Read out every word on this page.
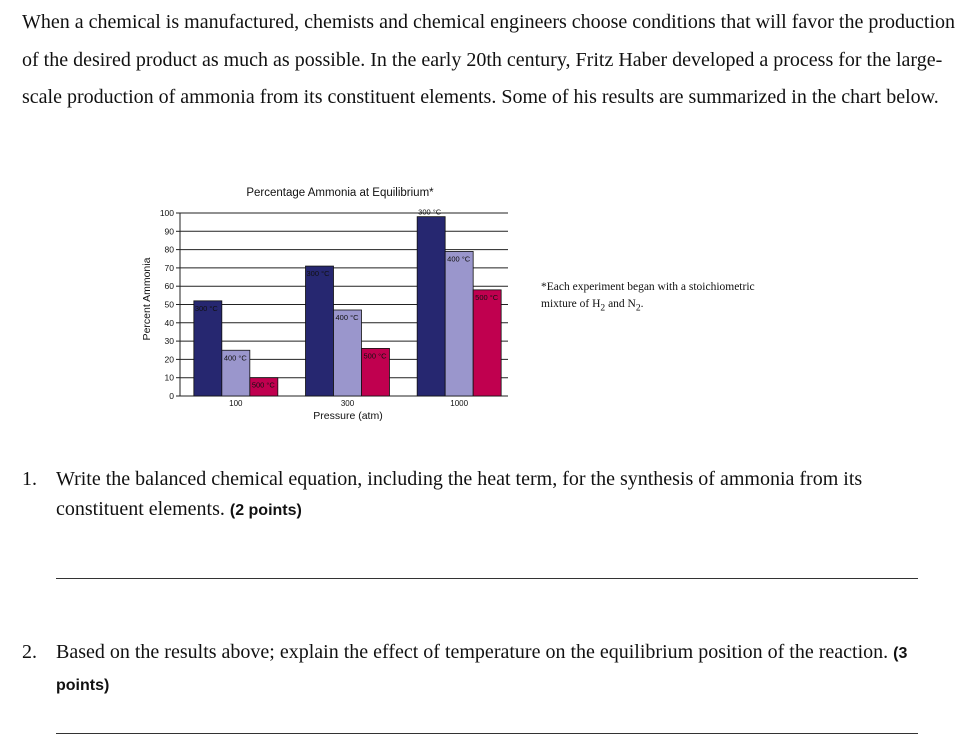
When a chemical is manufactured, chemists and chemical engineers choose conditions that will favor the production of the desired product as much as possible. In the early 20th century, Fritz Haber developed a process for the large-scale production of ammonia from its constituent elements. Some of his results are summarized in the chart below.

Percentage Ammonia at Equilibrium*
Percent Ammonia
Pressure (atm)
0
10
20
30
40
50
60
70
80
90
100
300 °C
400 °C
500 °C
300 °C
400 °C
500 °C
300 °C
400 °C
500 °C
100	300	1000
*Each experiment began with a stoichiometric
mixture of $H_2$ and $N_2$.
1. Write the balanced chemical equation, including the heat term, for the synthesis of ammonia from its constituent elements. (2 points)
2. Based on the results above; explain the effect of temperature on the equilibrium position of the reaction. (3 points)
